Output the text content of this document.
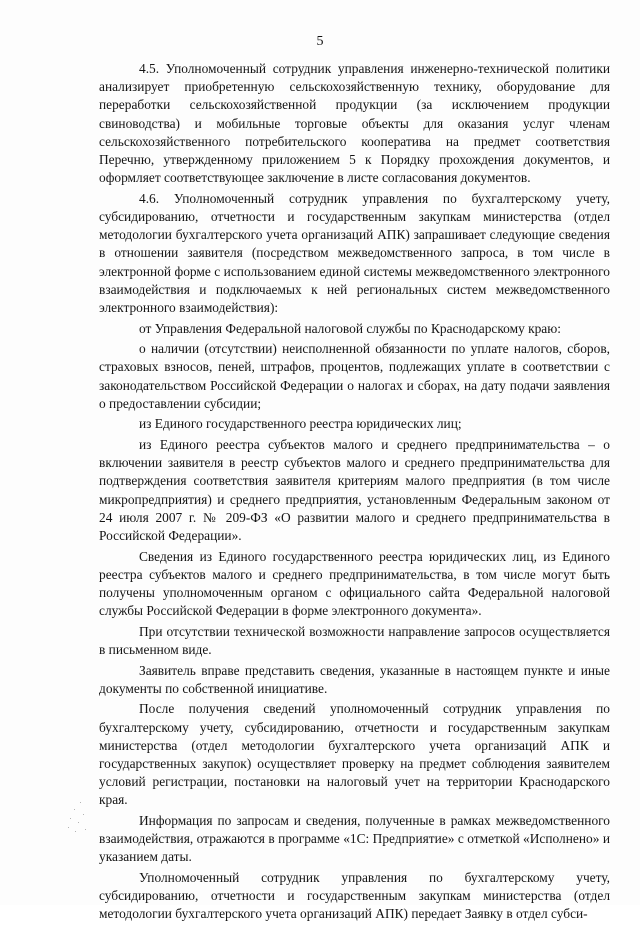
5

4.5. Уполномоченный сотрудник управления инженерно-технической политики анализирует приобретенную сельскохозяйственную технику, оборудование для переработки сельскохозяйственной продукции (за исключением продукции свиноводства) и мобильные торговые объекты для оказания услуг членам сельскохозяйственного потребительского кооператива на предмет соответствия Перечню, утвержденному приложением 5 к Порядку прохождения документов, и оформляет соответствующее заключение в листе согласования документов.

4.6. Уполномоченный сотрудник управления по бухгалтерскому учету, субсидированию, отчетности и государственным закупкам министерства (отдел методологии бухгалтерского учета организаций АПК) запрашивает следующие сведения в отношении заявителя (посредством межведомственного запроса, в том числе в электронной форме с использованием единой системы межведомственного электронного взаимодействия и подключаемых к ней региональных систем межведомственного электронного взаимодействия):

от Управления Федеральной налоговой службы по Краснодарскому краю:

о наличии (отсутствии) неисполненной обязанности по уплате налогов, сборов, страховых взносов, пеней, штрафов, процентов, подлежащих уплате в соответствии с законодательством Российской Федерации о налогах и сборах, на дату подачи заявления о предоставлении субсидии;

из Единого государственного реестра юридических лиц;

из Единого реестра субъектов малого и среднего предпринимательства – о включении заявителя в реестр субъектов малого и среднего предпринимательства для подтверждения соответствия заявителя критериям малого предприятия (в том числе микропредприятия) и среднего предприятия, установленным Федеральным законом от 24 июля 2007 г. № 209-ФЗ «О развитии малого и среднего предпринимательства в Российской Федерации».

Сведения из Единого государственного реестра юридических лиц, из Единого реестра субъектов малого и среднего предпринимательства, в том числе могут быть получены уполномоченным органом с официального сайта Федеральной налоговой службы Российской Федерации в форме электронного документа».

При отсутствии технической возможности направление запросов осуществляется в письменном виде.

Заявитель вправе представить сведения, указанные в настоящем пункте и иные документы по собственной инициативе.

После получения сведений уполномоченный сотрудник управления по бухгалтерскому учету, субсидированию, отчетности и государственным закупкам министерства (отдел методологии бухгалтерского учета организаций АПК и государственных закупок) осуществляет проверку на предмет соблюдения заявителем условий регистрации, постановки на налоговый учет на территории Краснодарского края.

Информация по запросам и сведения, полученные в рамках межведомственного взаимодействия, отражаются в программе «1С: Предприятие» с отметкой «Исполнено» и указанием даты.

Уполномоченный сотрудник управления по бухгалтерскому учету, субсидированию, отчетности и государственным закупкам министерства (отдел методологии бухгалтерского учета организаций АПК) передает Заявку в отдел субси-
